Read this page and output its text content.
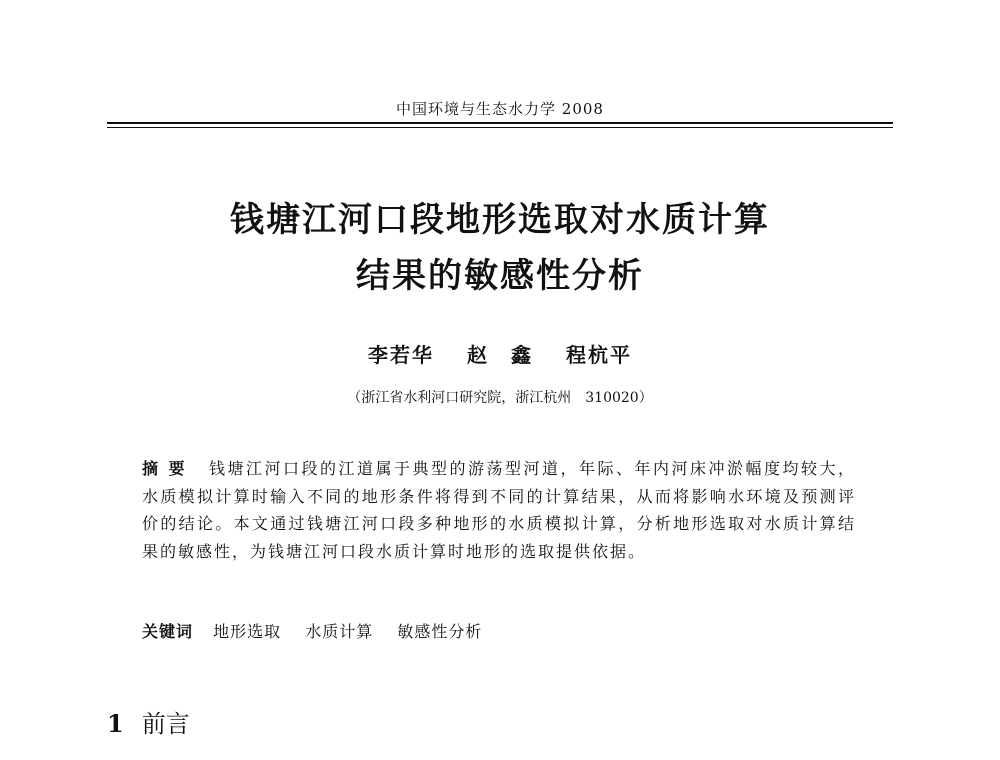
中国环境与生态水力学 2008
钱塘江河口段地形选取对水质计算
结果的敏感性分析
李若华 赵　鑫 程杭平
（浙江省水利河口研究院，浙江杭州　310020）
摘要 钱塘江河口段的江道属于典型的游荡型河道，年际、年内河床冲淤幅度均较大，水质模拟计算时输入不同的地形条件将得到不同的计算结果，从而将影响水环境及预测评价的结论。本文通过钱塘江河口段多种地形的水质模拟计算，分析地形选取对水质计算结果的敏感性，为钱塘江河口段水质计算时地形的选取提供依据。
关键词 地形选取 水质计算 敏感性分析
1 前言
